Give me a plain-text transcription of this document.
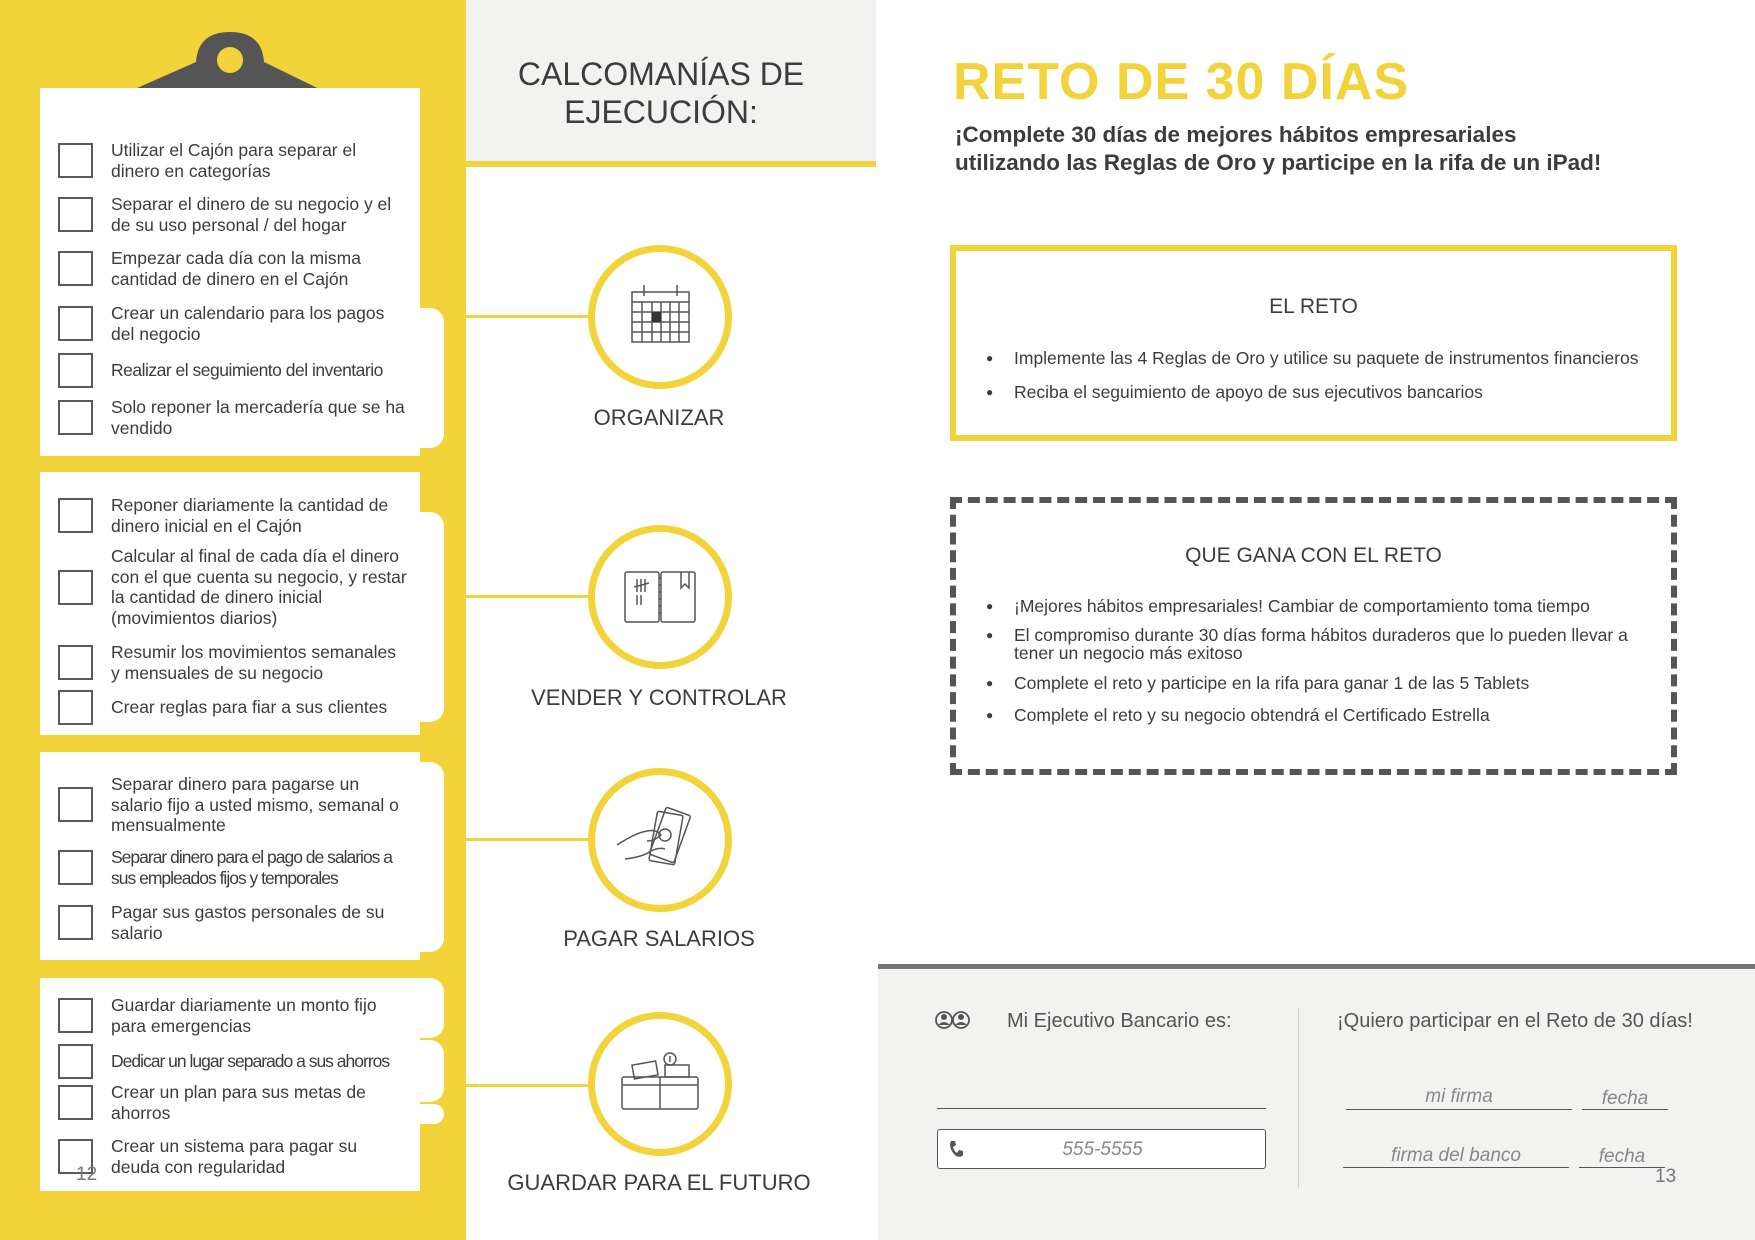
Utilizar el Cajón para separar el dinero en categorías
Separar el dinero de su negocio y el de su uso personal / del hogar
Empezar cada día con la misma cantidad de dinero en el Cajón
Crear un calendario para los pagos del negocio
Realizar el seguimiento del inventario
Solo reponer la mercadería que se ha vendido
Reponer diariamente la cantidad de dinero inicial en el Cajón
Calcular al final de cada día el dinero con el que cuenta su negocio, y restar la cantidad de dinero inicial (movimientos diarios)
Resumir los movimientos semanales y mensuales de su negocio
Crear reglas para fiar a sus clientes
Separar dinero para pagarse un salario fijo a usted mismo, semanal o mensualmente
Separar dinero para el pago de salarios a sus empleados fijos y temporales
Pagar sus gastos personales de su salario
Guardar diariamente un monto fijo para emergencias
Dedicar un lugar separado a sus ahorros
Crear un plan para sus metas de ahorros
Crear un sistema para pagar su deuda con regularidad
12
CALCOMANÍAS DE
EJECUCIÓN:
ORGANIZAR
VENDER Y CONTROLAR
PAGAR SALARIOS
GUARDAR PARA EL FUTURO
RETO DE 30 DÍAS
¡Complete 30 días de mejores hábitos empresariales
utilizando las Reglas de Oro y participe en la rifa de un iPad!
EL RETO
● Implemente las 4 Reglas de Oro y utilice su paquete de instrumentos financieros
● Reciba el seguimiento de apoyo de sus ejecutivos bancarios
QUE GANA CON EL RETO
● ¡Mejores hábitos empresariales! Cambiar de comportamiento toma tiempo
● El compromiso durante 30 días forma hábitos duraderos que lo pueden llevar a tener un negocio más exitoso
● Complete el reto y participe en la rifa para ganar 1 de las 5 Tablets
● Complete el reto y su negocio obtendrá el Certificado Estrella
Mi Ejecutivo Bancario es:
555-5555
¡Quiero participar en el Reto de 30 días!
mi firma	fecha
firma del banco	fecha
13
